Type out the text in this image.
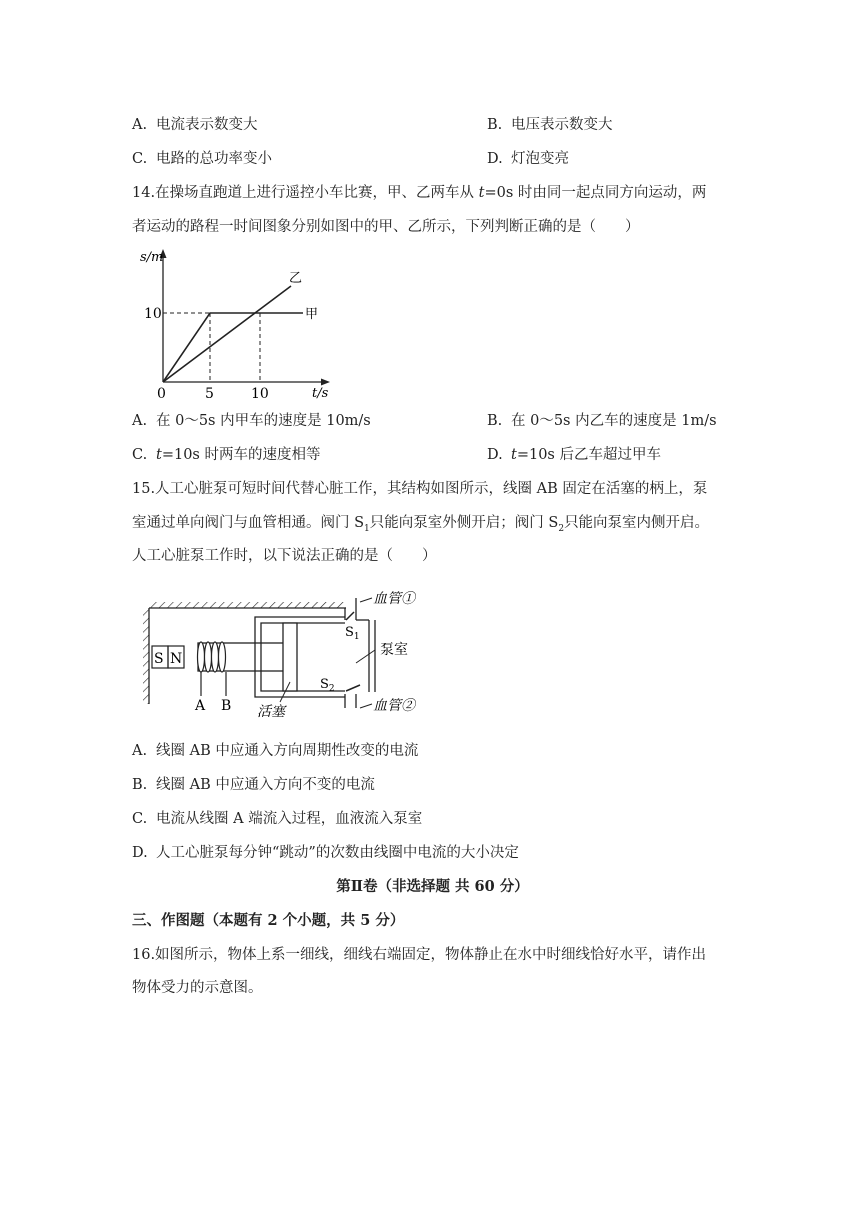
A. 电流表示数变大	B. 电压表示数变大
C. 电路的总功率变小	D. 灯泡变亮
14.在操场直跑道上进行遥控小车比赛，甲、乙两车从 t=0s 时由同一起点同方向运动，两
者运动的路程一时间图象分别如图中的甲、乙所示，下列判断正确的是（　　）
s/m
t/s
10
0	5	10
甲
乙
A. 在 0～5s 内甲车的速度是 10m/s	B. 在 0～5s 内乙车的速度是 1m/s
C. t=10s 时两车的速度相等	D. t=10s 后乙车超过甲车
15.人工心脏泵可短时间代替心脏工作，其结构如图所示，线圈 AB 固定在活塞的柄上，泵
室通过单向阀门与血管相通。阀门 $S_1$只能向泵室外侧开启；阀门 $S_2$只能向泵室内侧开启。
人工心脏泵工作时，以下说法正确的是（　　）
S N
A B
$S_1$
$S_2$
泵室
活塞
血管①
血管②
A. 线圈 AB 中应通入方向周期性改变的电流
B. 线圈 AB 中应通入方向不变的电流
C. 电流从线圈 A 端流入过程，血液流入泵室
D. 人工心脏泵每分钟“跳动”的次数由线圈中电流的大小决定
第Ⅱ卷（非选择题 共 60 分）
三、作图题（本题有 2 个小题，共 5 分）
16.如图所示，物体上系一细线，细线右端固定，物体静止在水中时细线恰好水平，请作出
物体受力的示意图。
